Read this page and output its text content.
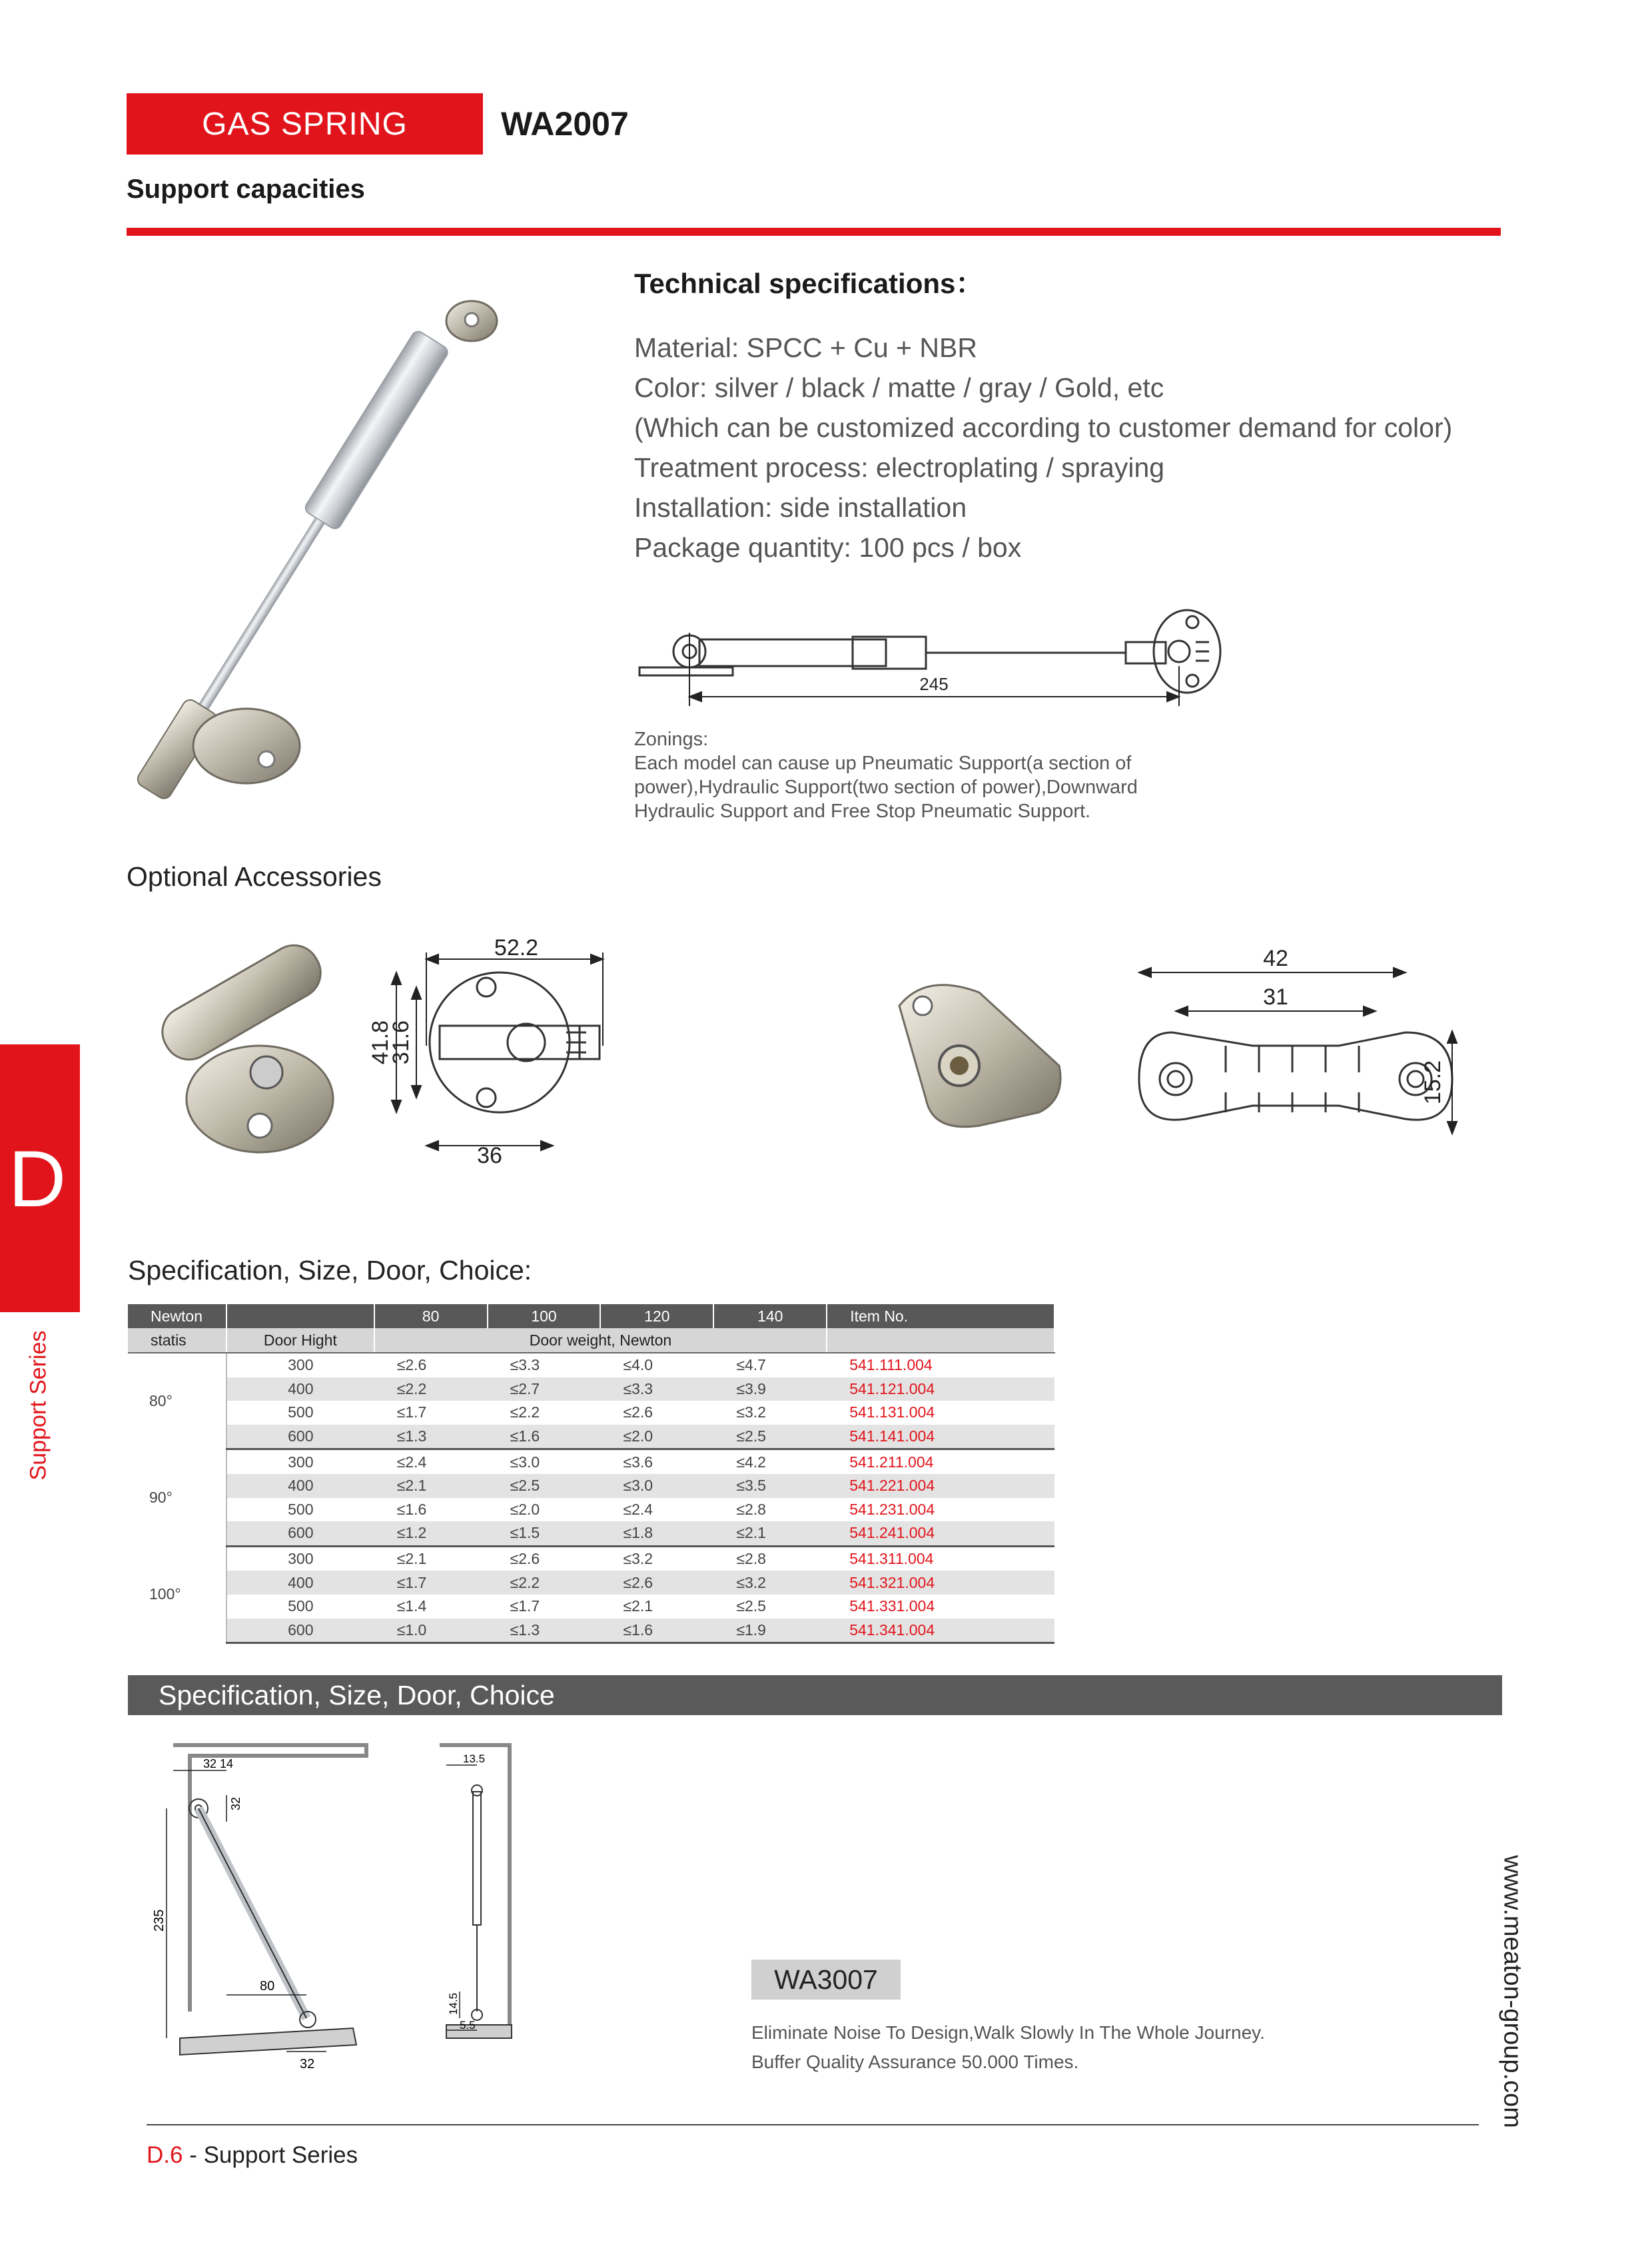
GAS SPRING	WA2007
Support capacities
Technical specifications：
Material: SPCC + Cu + NBR
Color: silver / black / matte / gray / Gold, etc
(Which can be customized according to customer demand for color)
Treatment process: electroplating / spraying
Installation: side installation
Package quantity: 100 pcs / box
245
Zonings:
Each model can cause up Pneumatic Support(a section of
power),Hydraulic Support(two section of power),Downward
Hydraulic Support and Free Stop Pneumatic Support.
Optional Accessories
52.2
41.8
31.6
36
42
31
15.2
D
Support Series
www.meaton-group.com
Specification, Size, Door, Choice:
Newton		80	100	120	140	Item No.
statis	Door Hight	Door weight, Newton				
80°	300	≤2.6	≤3.3	≤4.0	≤4.7	541.111.004
	400	≤2.2	≤2.7	≤3.3	≤3.9	541.121.004
	500	≤1.7	≤2.2	≤2.6	≤3.2	541.131.004
	600	≤1.3	≤1.6	≤2.0	≤2.5	541.141.004
90°	300	≤2.4	≤3.0	≤3.6	≤4.2	541.211.004
	400	≤2.1	≤2.5	≤3.0	≤3.5	541.221.004
	500	≤1.6	≤2.0	≤2.4	≤2.8	541.231.004
	600	≤1.2	≤1.5	≤1.8	≤2.1	541.241.004
100°	300	≤2.1	≤2.6	≤3.2	≤2.8	541.311.004
	400	≤1.7	≤2.2	≤2.6	≤3.2	541.321.004
	500	≤1.4	≤1.7	≤2.1	≤2.5	541.331.004
	600	≤1.0	≤1.3	≤1.6	≤1.9	541.341.004
Specification, Size, Door, Choice
32 14
32
235
80
32
13.5
14.5
5.5
WA3007
Eliminate Noise To Design,Walk Slowly In The Whole Journey.
Buffer Quality Assurance 50.000 Times.
D.6 - Support Series
